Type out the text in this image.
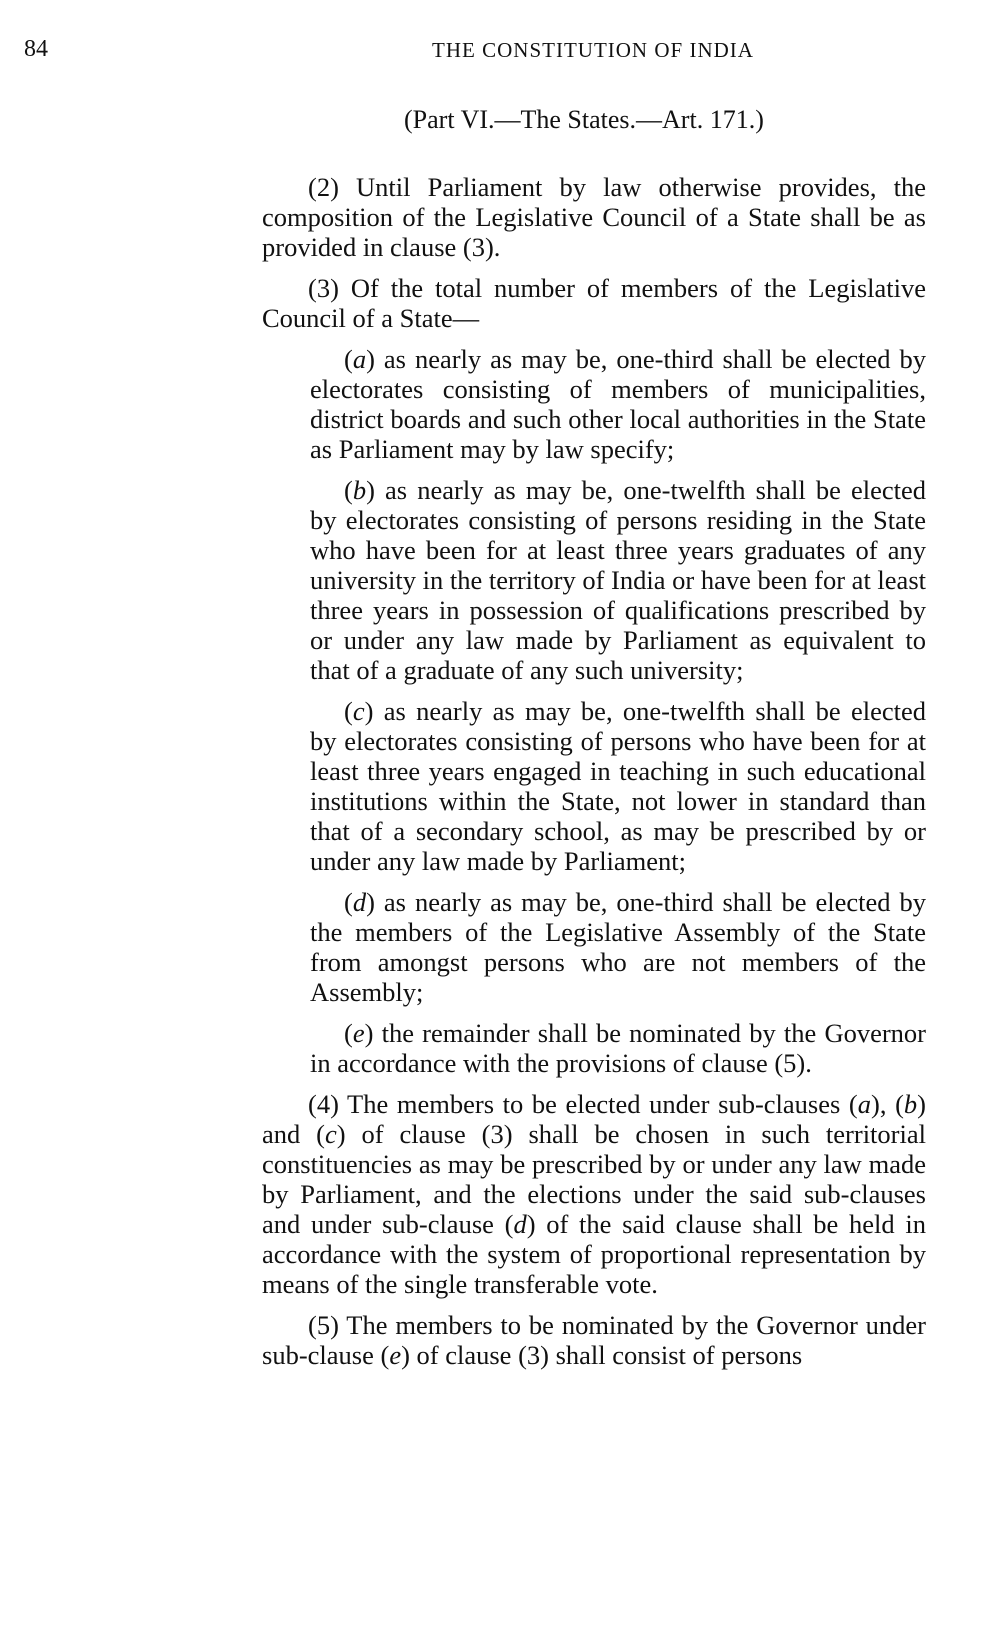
84	THE CONSTITUTION OF INDIA
(Part VI.—The States.—Art. 171.)

(2) Until Parliament by law otherwise provides, the composition of the Legislative Council of a State shall be as provided in clause (3).

(3) Of the total number of members of the Legislative Council of a State—

(a) as nearly as may be, one-third shall be elected by electorates consisting of members of municipalities, district boards and such other local authorities in the State as Parliament may by law specify;

(b) as nearly as may be, one-twelfth shall be elected by electorates consisting of persons residing in the State who have been for at least three years graduates of any university in the territory of India or have been for at least three years in possession of qualifications prescribed by or under any law made by Parliament as equivalent to that of a graduate of any such university;

(c) as nearly as may be, one-twelfth shall be elected by electorates consisting of persons who have been for at least three years engaged in teaching in such educational institutions within the State, not lower in standard than that of a secondary school, as may be prescribed by or under any law made by Parliament;

(d) as nearly as may be, one-third shall be elected by the members of the Legislative Assembly of the State from amongst persons who are not members of the Assembly;

(e) the remainder shall be nominated by the Governor in accordance with the provisions of clause (5).

(4) The members to be elected under sub-clauses (a), (b) and (c) of clause (3) shall be chosen in such territorial constituencies as may be prescribed by or under any law made by Parliament, and the elections under the said sub-clauses and under sub-clause (d) of the said clause shall be held in accordance with the system of proportional representation by means of the single transferable vote.

(5) The members to be nominated by the Governor under sub-clause (e) of clause (3) shall consist of persons
